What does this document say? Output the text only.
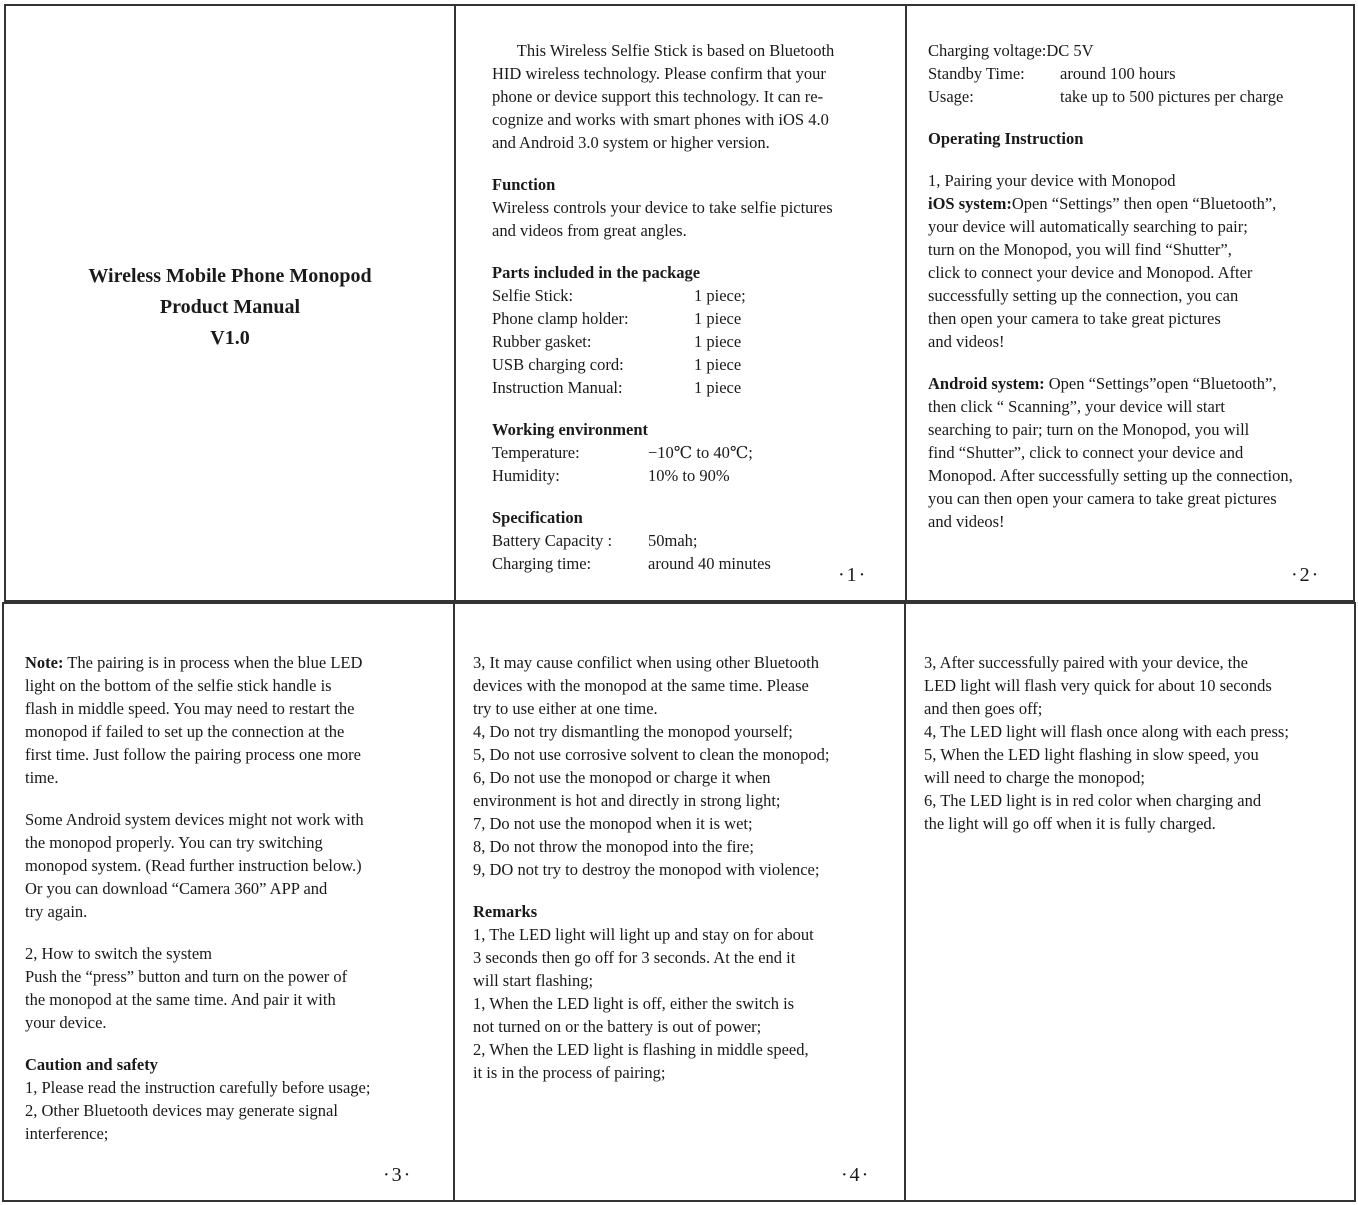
Wireless Mobile Phone Monopod
Product Manual
V1.0
This Wireless Selfie Stick is based on Bluetooth
HID wireless technology. Please confirm that your
phone or device support this technology. It can re-
cognize and works with smart phones with iOS 4.0
and Android 3.0 system or higher version.
Function
Wireless controls your device to take selfie pictures
and videos from great angles.
Parts included in the package
Selfie Stick:	1 piece;
Phone clamp holder:	1 piece
Rubber gasket:	1 piece
USB charging cord:	1 piece
Instruction Manual:	1 piece
Working environment
Temperature:	−10℃ to 40℃;
Humidity:	10% to 90%
Specification
Battery Capacity :	50mah;
Charging time:	around 40 minutes
·1·
Charging voltage: DC 5V
Standby Time:	around 100 hours
Usage:	take up to 500 pictures per charge
Operating Instruction
1, Pairing your device with Monopod
iOS system:Open “Settings” then open “Bluetooth”,
your device will automatically searching to pair;
turn on the Monopod, you will find “Shutter”,
click to connect your device and Monopod. After
successfully setting up the connection, you can
then open your camera to take great pictures
and videos!
Android system: Open “Settings”open “Bluetooth”,
then click “ Scanning”, your device will start
searching to pair; turn on the Monopod, you will
find “Shutter”, click to connect your device and
Monopod. After successfully setting up the connection,
you can then open your camera to take great pictures
and videos!
·2·
Note: The pairing is in process when the blue LED
light on the bottom of the selfie stick handle is
flash in middle speed. You may need to restart the
monopod if failed to set up the connection at the
first time. Just follow the pairing process one more
time.
Some Android system devices might not work with
the monopod properly. You can try switching
monopod system. (Read further instruction below.)
Or you can download “Camera 360” APP and
try again.
2, How to switch the system
Push the “press” button and turn on the power of
the monopod at the same time. And pair it with
your device.
Caution and safety
1, Please read the instruction carefully before usage;
2, Other Bluetooth devices may generate signal
interference;
·3·
3, It may cause confilict when using other Bluetooth
devices with the monopod at the same time. Please
try to use either at one time.
4, Do not try dismantling the monopod yourself;
5, Do not use corrosive solvent to clean the monopod;
6, Do not use the monopod or charge it when
environment is hot and directly in strong light;
7, Do not use the monopod when it is wet;
8, Do not throw the monopod into the fire;
9, DO not try to destroy the monopod with violence;
Remarks
1, The LED light will light up and stay on for about
3 seconds then go off for 3 seconds. At the end it
will start flashing;
1, When the LED light is off, either the switch is
not turned on or the battery is out of power;
2, When the LED light is flashing in middle speed,
it is in the process of pairing;
·4·
3, After successfully paired with your device, the
LED light will flash very quick for about 10 seconds
and then goes off;
4, The LED light will flash once along with each press;
5, When the LED light flashing in slow speed, you
will need to charge the monopod;
6, The LED light is in red color when charging and
the light will go off when it is fully charged.
